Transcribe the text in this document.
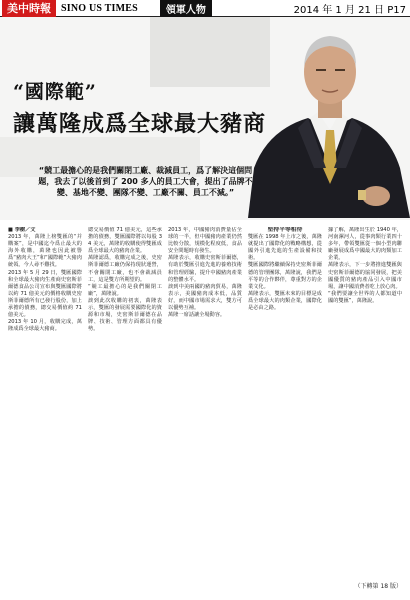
美中時報	SINO US TIMES	領軍人物	2014 年 1 月 21 日 P17
“國際範”
讓萬隆成爲全球最大豬商
“競工最擔心的是我們關閉工廠、裁減員工，爲了解決這個問題，我去了以後首到了 200 多人的員工大會，提出了品牌不變、基地不變、團隊不變、工廠不關、員工不減。”

■ 李樹／文

2013 年，萬隆上榜雙匯的“并購案”，是中國迄今爲止最大的海外收購，萬隆也因此被譽爲“豬肉大王”和“國際範”大豬肉統領。今人尋不難找。

2013 年 5 月 29 日，雙匯國際和全球最大豬肉生產商史密斯菲爾德食品公司宣布與雙匯國際將以約 71 億美元的價格收購史密斯菲爾德所有已發行股份，加上承擔的債務，總交易價值約 71 億美元。

2013 年 10 月，收購完成，萬隆成爲全球最大豬商。

總交易價值 71 億美元，這些承擔的債務，雙匯國際將以每股 34 美元，萬隆的收購使得雙匯成爲全球最大的豬肉企業。

萬隆認爲，收購完成之後，史密斯菲爾德工廠仍保持現狀運營，不會關閉工廠，也不會裁減員工，這是雙方所期望的。

“競工最擔心的是我們關閉工廠”，萬隆說。

談到此次收購的初衷，萬隆表示，雙匯的發展需要國際化的資源和市場，史密斯菲爾德在品牌、技術、管理方面都具有優勢。

2013 年，中國豬肉消費量佔全球的一半，但中國豬肉產業仍然比較分散，規模化程度低，食品安全問題時有發生。

萬隆表示，收購史密斯菲爾德，有助於雙匯引進先進的養殖技術和管理經驗，提升中國豬肉產業的整體水平。

談到中美兩國的豬肉貿易，萬隆表示，美國豬肉成本低，品質好，而中國市場需求大，雙方可以優勢互補。

萬隆一席話讓全場動容。

堅持平等相待

雙匯在 1998 年上市之後，萬隆就提出了國際化的戰略構想，從國外引進先進的生產設備和技術。

雙匯國際將繼續保持史密斯菲爾德的管理團隊，萬隆說，我們是平等的合作夥伴，尊重對方的企業文化。

萬隆表示，雙匯未來的目標是成爲全球最大的肉類企業，國際化是必由之路。

據了解，萬隆出生於 1940 年，河南漯河人，從事肉類行業四十多年，帶領雙匯從一個小型肉聯廠發展成爲中國最大的肉類加工企業。

萬隆表示，下一步將推進雙匯與史密斯菲爾德的協同發展，把美國優質的豬肉產品引入中國市場，讓中國消費者吃上放心肉。

“我們要讓全世界的人都知道中國的雙匯”，萬隆說。

（下轉第 18 版）
